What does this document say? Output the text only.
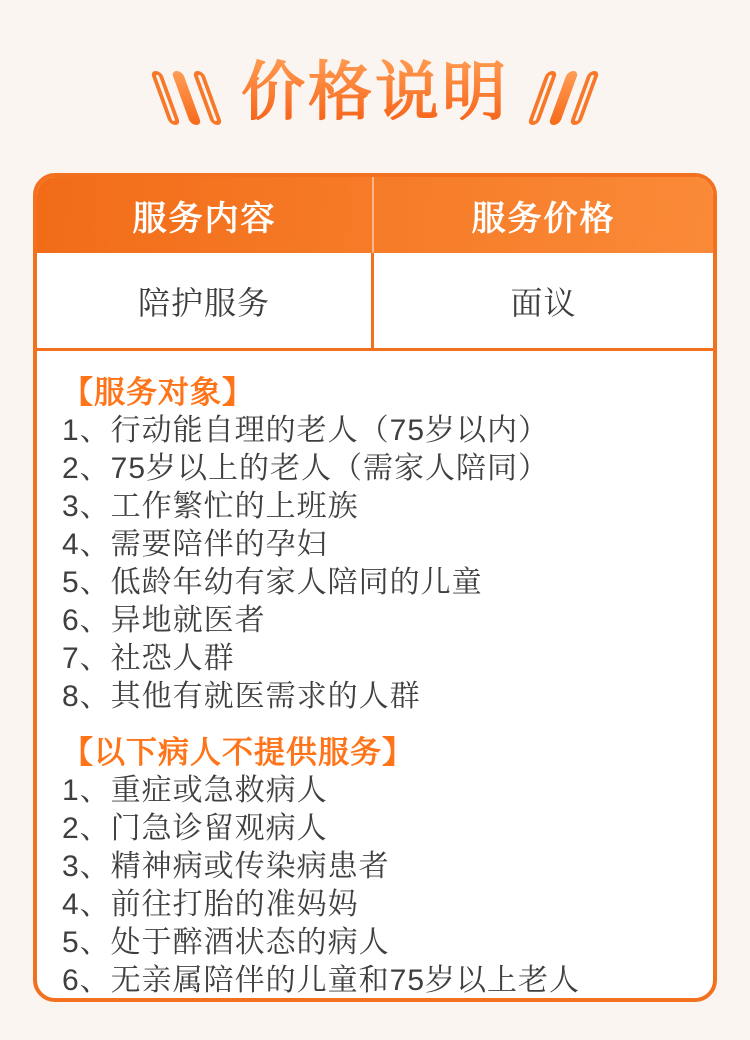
价格说明
服务内容	服务价格
陪护服务	面议
【服务对象】
1、行动能自理的老人（75岁以内）
2、75岁以上的老人（需家人陪同）
3、工作繁忙的上班族
4、需要陪伴的孕妇
5、低龄年幼有家人陪同的儿童
6、异地就医者
7、社恐人群
8、其他有就医需求的人群
【以下病人不提供服务】
1、重症或急救病人
2、门急诊留观病人
3、精神病或传染病患者
4、前往打胎的准妈妈
5、处于醉酒状态的病人
6、无亲属陪伴的儿童和75岁以上老人
